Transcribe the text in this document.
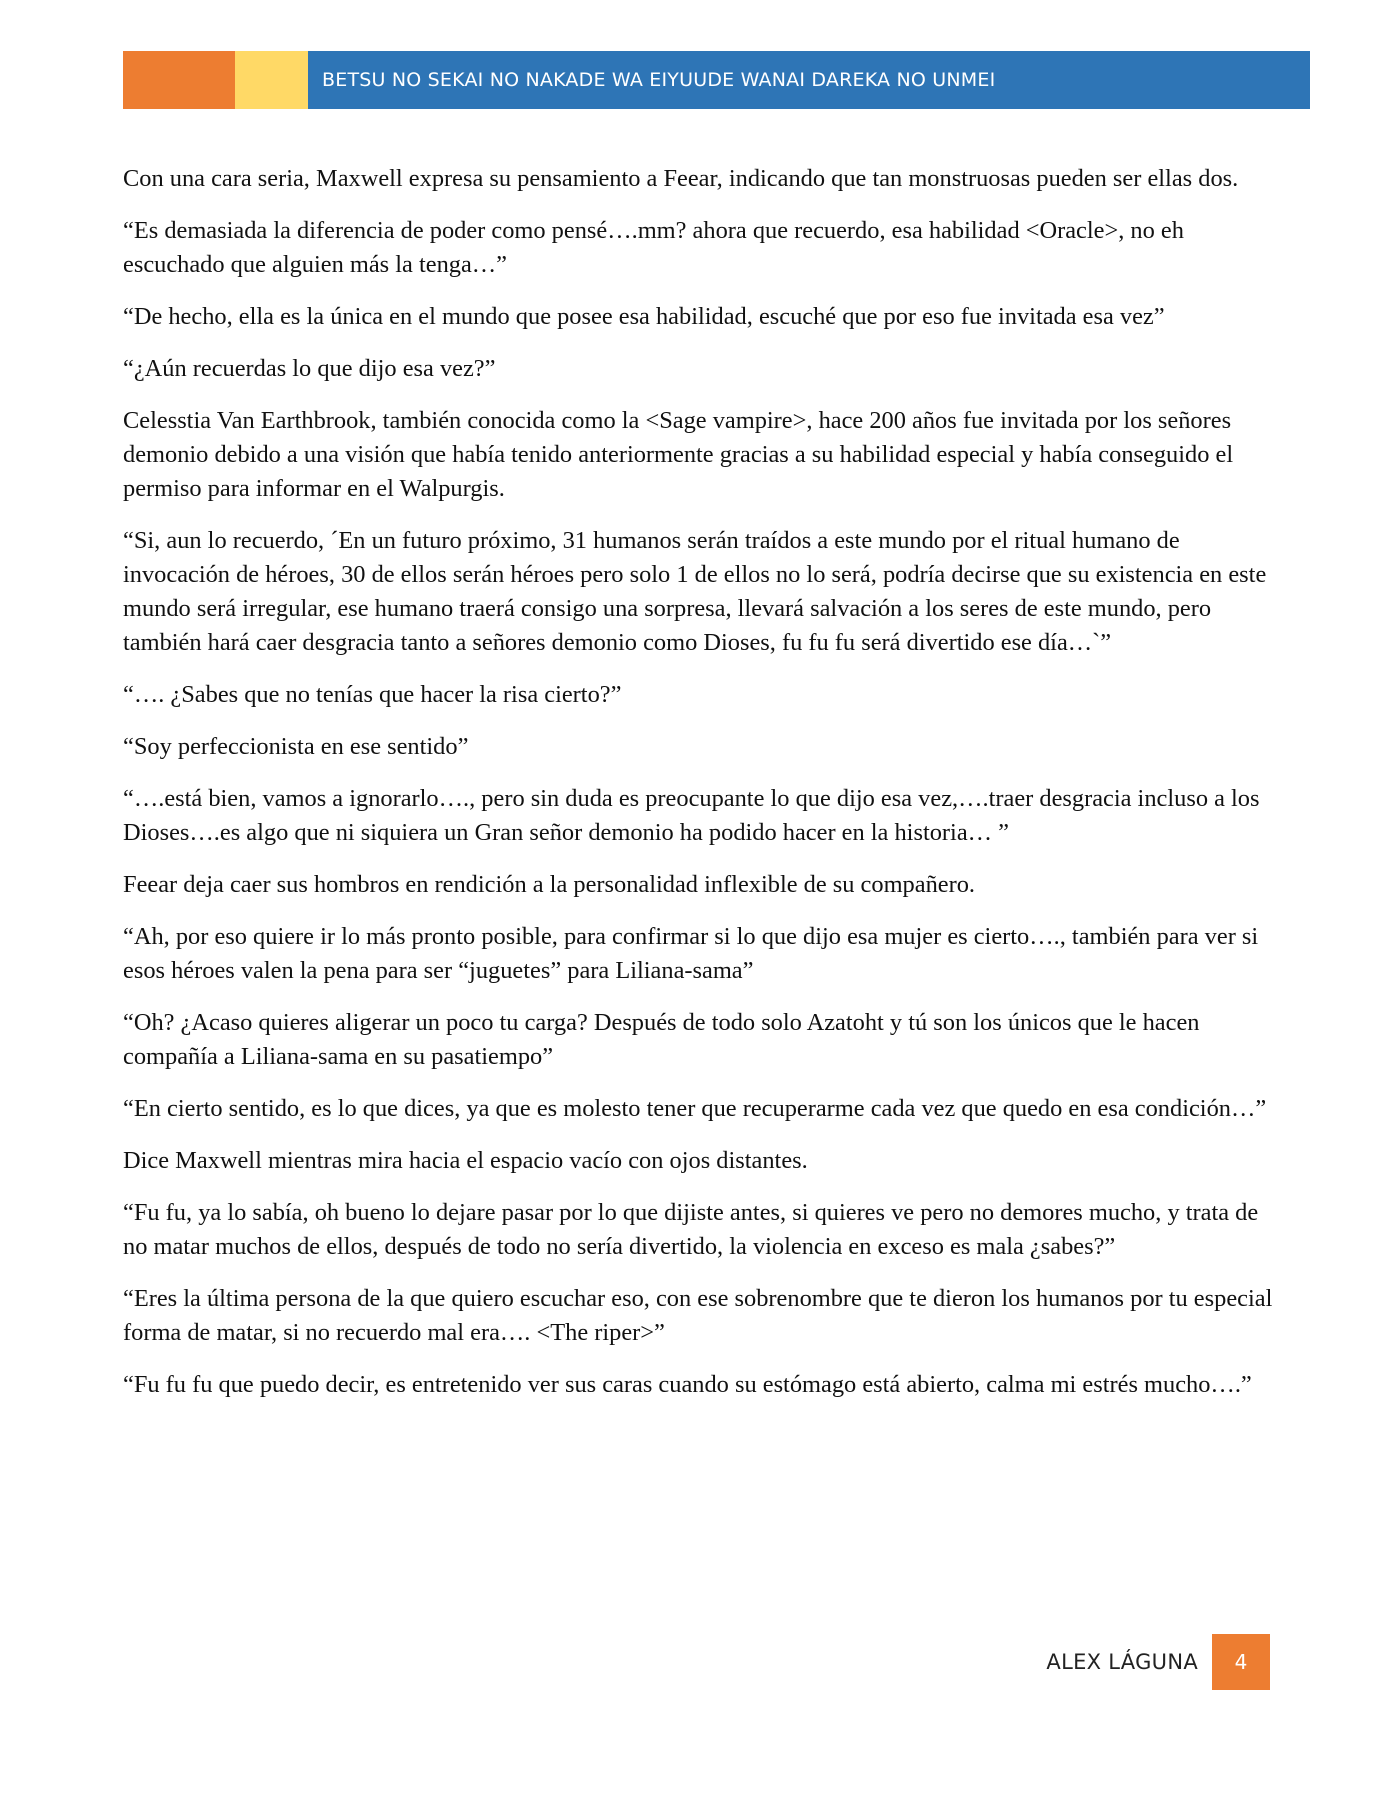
BETSU NO SEKAI NO NAKADE WA EIYUUDE WANAI DAREKA NO UNMEI

Con una cara seria, Maxwell expresa su pensamiento a Feear, indicando que tan monstruosas pueden ser ellas dos.

“Es demasiada la diferencia de poder como pensé….mm? ahora que recuerdo, esa habilidad <Oracle>, no eh escuchado que alguien más la tenga…”

“De hecho, ella es la única en el mundo que posee esa habilidad, escuché que por eso fue invitada esa vez”

“¿Aún recuerdas lo que dijo esa vez?”

Celesstia Van Earthbrook, también conocida como la <Sage vampire>, hace 200 años fue invitada por los señores demonio debido a una visión que había tenido anteriormente gracias a su habilidad especial y había conseguido el permiso para informar en el Walpurgis.

“Si, aun lo recuerdo, ´En un futuro próximo, 31 humanos serán traídos a este mundo por el ritual humano de invocación de héroes, 30 de ellos serán héroes pero solo 1 de ellos no lo será, podría decirse que su existencia en este mundo será irregular, ese humano traerá consigo una sorpresa, llevará salvación a los seres de este mundo, pero también hará caer desgracia tanto a señores demonio como Dioses, fu fu fu será divertido ese día…`”

“…. ¿Sabes que no tenías que hacer la risa cierto?”

“Soy perfeccionista en ese sentido”

“….está bien, vamos a ignorarlo…., pero sin duda es preocupante lo que dijo esa vez,….traer desgracia incluso a los Dioses….es algo que ni siquiera un Gran señor demonio ha podido hacer en la historia… ”

Feear deja caer sus hombros en rendición a la personalidad inflexible de su compañero.

“Ah, por eso quiere ir lo más pronto posible, para confirmar si lo que dijo esa mujer es cierto…., también para ver si esos héroes valen la pena para ser “juguetes” para Liliana-sama”

“Oh? ¿Acaso quieres aligerar un poco tu carga? Después de todo solo Azatoht y tú son los únicos que le hacen compañía a Liliana-sama en su pasatiempo”

“En cierto sentido, es lo que dices, ya que es molesto tener que recuperarme cada vez que quedo en esa condición…”

Dice Maxwell mientras mira hacia el espacio vacío con ojos distantes.

“Fu fu, ya lo sabía, oh bueno lo dejare pasar por lo que dijiste antes, si quieres ve pero no demores mucho, y trata de no matar muchos de ellos, después de todo no sería divertido, la violencia en exceso es mala ¿sabes?”

“Eres la última persona de la que quiero escuchar eso, con ese sobrenombre que te dieron los humanos por tu especial forma de matar, si no recuerdo mal era…. <The riper>”

“Fu fu fu que puedo decir, es entretenido ver sus caras cuando su estómago está abierto, calma mi estrés mucho….”

ALEX LÁGUNA	4
